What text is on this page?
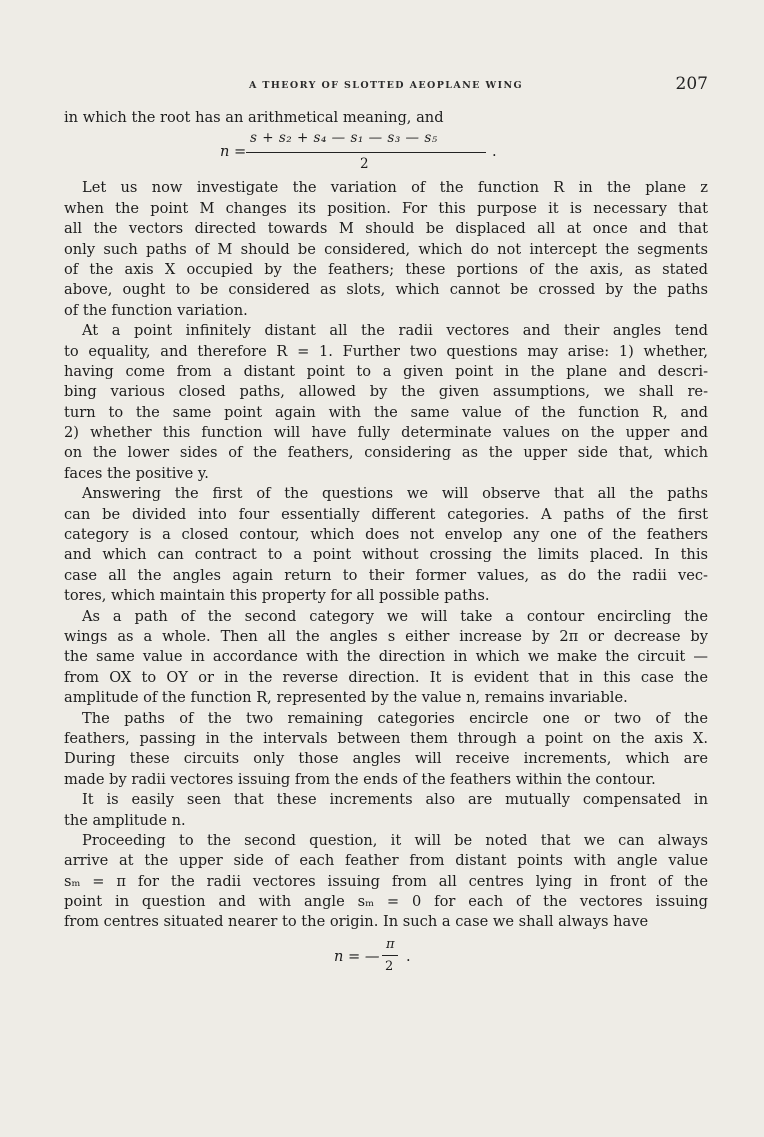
A THEORY OF SLOTTED AEOPLANE WING	207
in which the root has an arithmetical meaning, and
n =
s + s₂ + s₄ — s₁ — s₃ — s₅
2
.
Let us now investigate the variation of the function R in the plane z
when the point M changes its position. For this purpose it is necessary that
all the vectors directed towards M should be displaced all at once and that
only such paths of M should be considered, which do not intercept the segments
of the axis X occupied by the feathers; these portions of the axis, as stated
above, ought to be considered as slots, which cannot be crossed by the paths
of the function variation.
At a point infinitely distant all the radii vectores and their angles tend
to equality, and therefore R = 1. Further two questions may arise: 1) whether,
having come from a distant point to a given point in the plane and descri-
bing various closed paths, allowed by the given assumptions, we shall re-
turn to the same point again with the same value of the function R, and
2) whether this function will have fully determinate values on the upper and
on the lower sides of the feathers, considering as the upper side that, which
faces the positive y.
Answering the first of the questions we will observe that all the paths
can be divided into four essentially different categories. A paths of the first
category is a closed contour, which does not envelop any one of the feathers
and which can contract to a point without crossing the limits placed. In this
case all the angles again return to their former values, as do the radii vec-
tores, which maintain this property for all possible paths.
As a path of the second category we will take a contour encircling the
wings as a whole. Then all the angles s either increase by 2π or decrease by
the same value in accordance with the direction in which we make the circuit —
from OX to OY or in the reverse direction. It is evident that in this case the
amplitude of the function R, represented by the value n, remains invariable.
The paths of the two remaining categories encircle one or two of the
feathers, passing in the intervals between them through a point on the axis X.
During these circuits only those angles will receive increments, which are
made by radii vectores issuing from the ends of the feathers within the contour.
It is easily seen that these increments also are mutually compensated in
the amplitude n.
Proceeding to the second question, it will be noted that we can always
arrive at the upper side of each feather from distant points with angle value
sₘ = π for the radii vectores issuing from all centres lying in front of the
point in question and with angle sₘ = 0 for each of the vectores issuing
from centres situated nearer to the origin. In such a case we shall always have
n = —
π
2
.
